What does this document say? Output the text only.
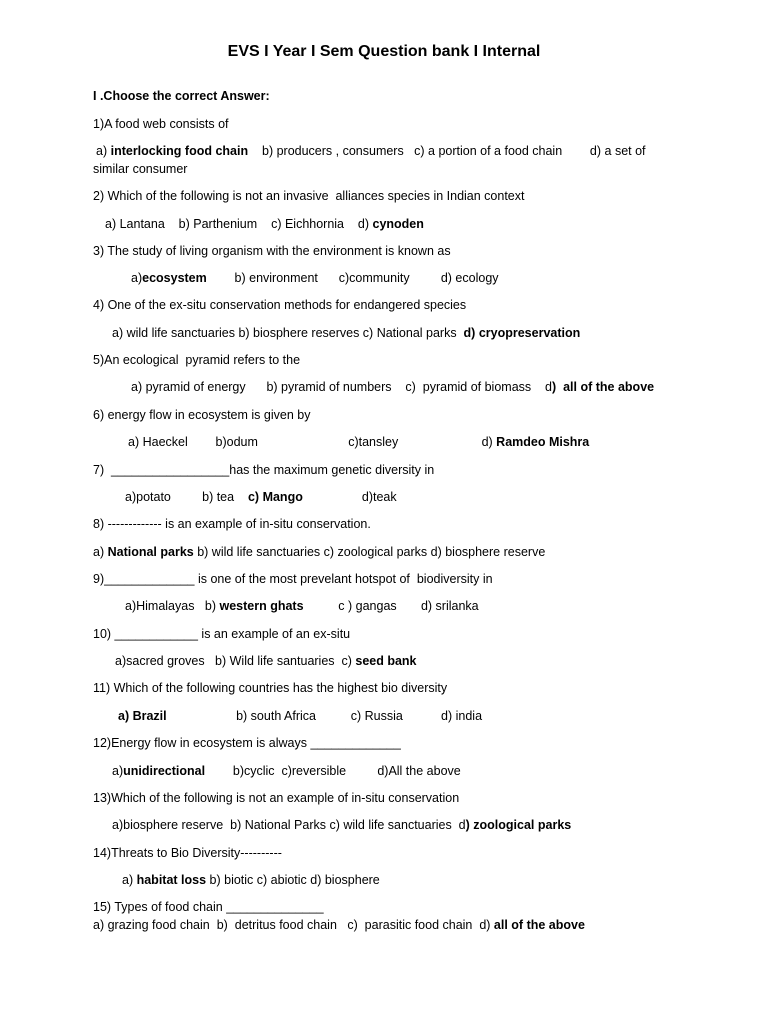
EVS I Year I Sem Question bank I Internal
I .Choose the correct Answer:
1)A food web consists of
a) interlocking food chain    b) producers , consumers   c) a portion of a food chain        d) a set of
similar consumer
2) Which of the following is not an invasive  alliances species in Indian context
a) Lantana    b) Parthenium    c) Eichhornia    d) cynoden
3) The study of living organism with the environment is known as
a)ecosystem        b) environment      c)community         d) ecology
4) One of the ex-situ conservation methods for endangered species
a) wild life sanctuaries b) biosphere reserves c) National parks  d) cryopreservation
5)An ecological  pyramid refers to the
a) pyramid of energy      b) pyramid of numbers    c)  pyramid of biomass    d)  all of the above
6) energy flow in ecosystem is given by
a) Haeckel        b)odum                          c)tansley                        d) Ramdeo Mishra
7)  _________________has the maximum genetic diversity in
a)potato         b) tea    c) Mango                 d)teak
8) ------------- is an example of in-situ conservation.
a) National parks b) wild life sanctuaries c) zoological parks d) biosphere reserve
9)_____________ is one of the most prevelant hotspot of  biodiversity in
a)Himalayas   b) western ghats          c ) gangas       d) srilanka
10) ____________ is an example of an ex-situ
a)sacred groves   b) Wild life santuaries  c) seed bank
11) Which of the following countries has the highest bio diversity
a) Brazil                    b) south Africa          c) Russia           d) india
12)Energy flow in ecosystem is always _____________
a)unidirectional        b)cyclic  c)reversible         d)All the above
13)Which of the following is not an example of in-situ conservation
a)biosphere reserve  b) National Parks c) wild life sanctuaries  d) zoological parks
14)Threats to Bio Diversity----------
a) habitat loss b) biotic c) abiotic d) biosphere
15) Types of food chain ______________
a) grazing food chain  b)  detritus food chain   c)  parasitic food chain  d) all of the above
